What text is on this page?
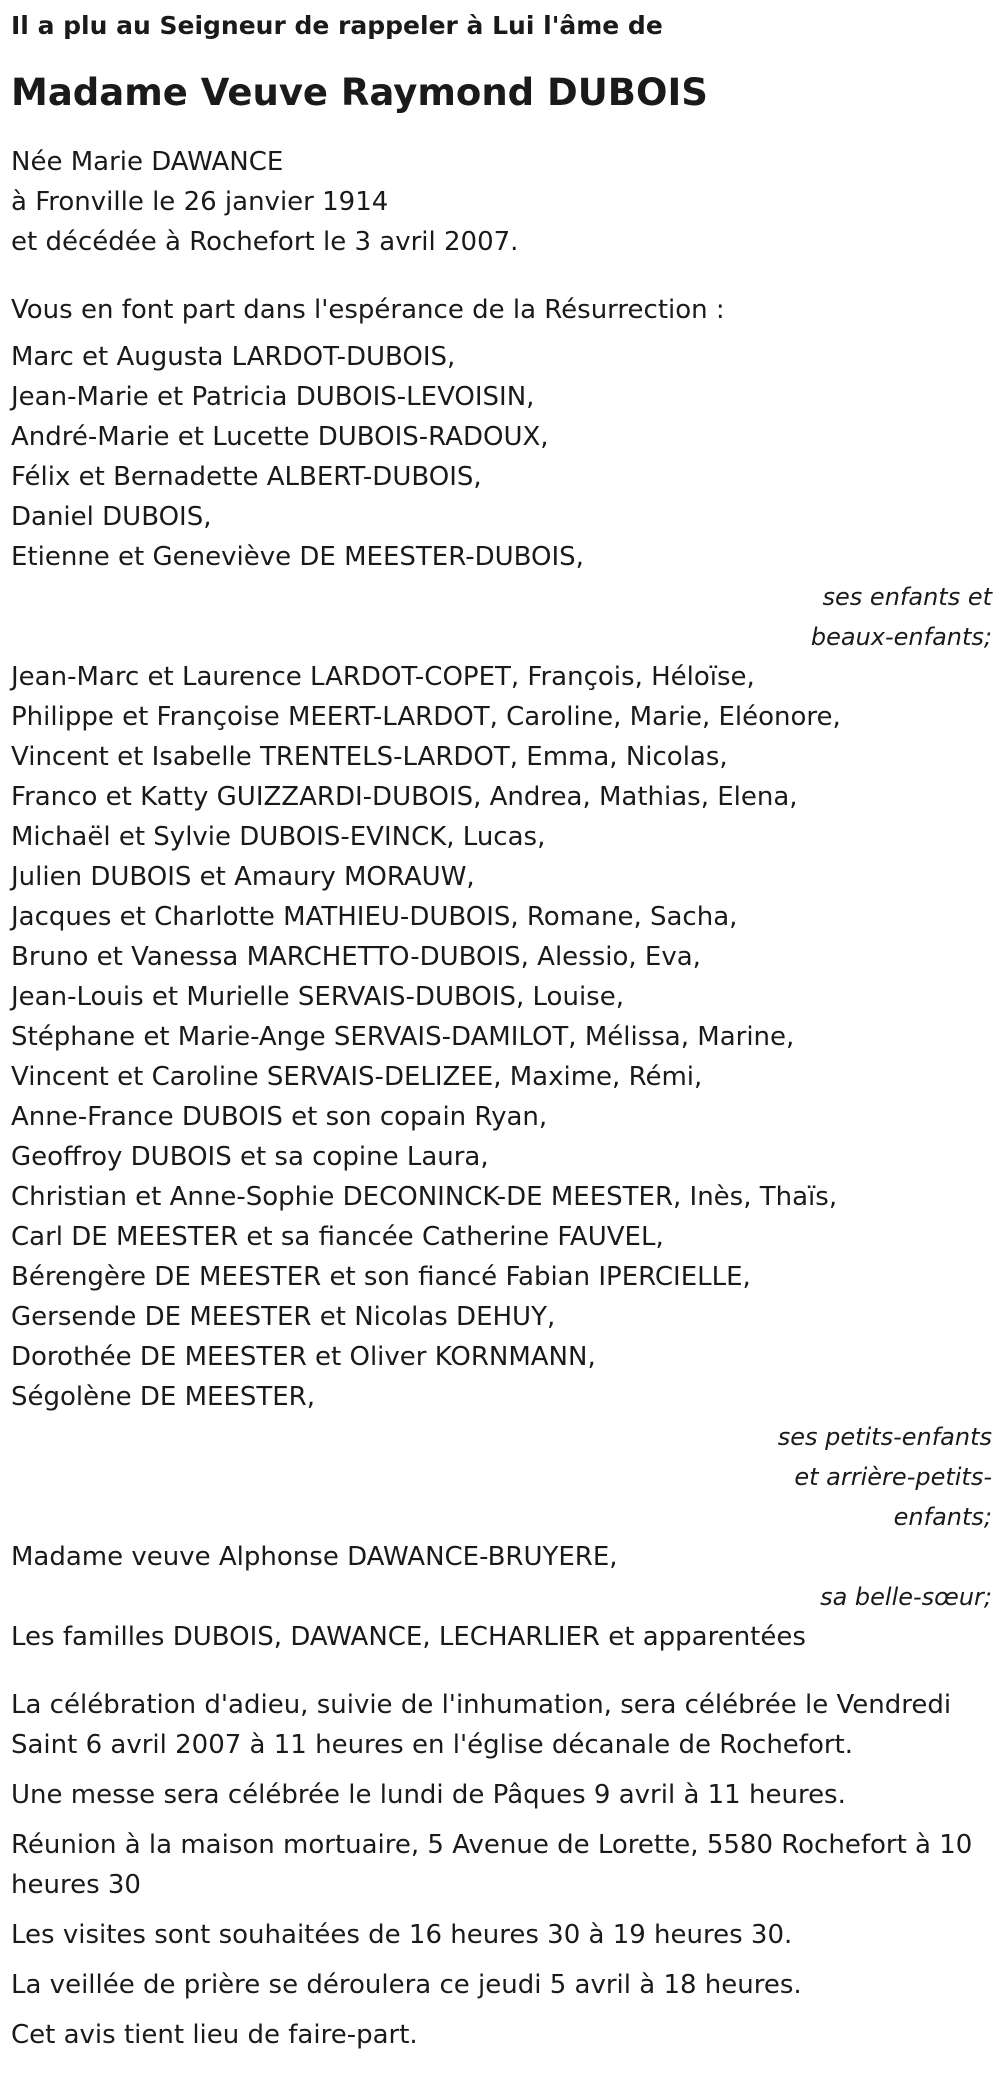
Il a plu au Seigneur de rappeler à Lui l'âme de

Madame Veuve Raymond DUBOIS
Née Marie DAWANCE
à Fronville le 26 janvier 1914
et décédée à Rochefort le 3 avril 2007.
Vous en font part dans l'espérance de la Résurrection :
Marc et Augusta LARDOT-DUBOIS,
Jean-Marie et Patricia DUBOIS-LEVOISIN,
André-Marie et Lucette DUBOIS-RADOUX,
Félix et Bernadette ALBERT-DUBOIS,
Daniel DUBOIS,
Etienne et Geneviève DE MEESTER-DUBOIS,
ses enfants et
beaux-enfants;
Jean-Marc et Laurence LARDOT-COPET, François, Héloïse,
Philippe et Françoise MEERT-LARDOT, Caroline, Marie, Eléonore,
Vincent et Isabelle TRENTELS-LARDOT, Emma, Nicolas,
Franco et Katty GUIZZARDI-DUBOIS, Andrea, Mathias, Elena,
Michaël et Sylvie DUBOIS-EVINCK, Lucas,
Julien DUBOIS et Amaury MORAUW,
Jacques et Charlotte MATHIEU-DUBOIS, Romane, Sacha,
Bruno et Vanessa MARCHETTO-DUBOIS, Alessio, Eva,
Jean-Louis et Murielle SERVAIS-DUBOIS, Louise,
Stéphane et Marie-Ange SERVAIS-DAMILOT, Mélissa, Marine,
Vincent et Caroline SERVAIS-DELIZEE, Maxime, Rémi,
Anne-France DUBOIS et son copain Ryan,
Geoffroy DUBOIS et sa copine Laura,
Christian et Anne-Sophie DECONINCK-DE MEESTER, Inès, Thaïs,
Carl DE MEESTER et sa fiancée Catherine FAUVEL,
Bérengère DE MEESTER et son fiancé Fabian IPERCIELLE,
Gersende DE MEESTER et Nicolas DEHUY,
Dorothée DE MEESTER et Oliver KORNMANN,
Ségolène DE MEESTER,
ses petits-enfants
et arrière-petits-
enfants;
Madame veuve Alphonse DAWANCE-BRUYERE,
sa belle-sœur;
Les familles DUBOIS, DAWANCE, LECHARLIER et apparentées

La célébration d'adieu, suivie de l'inhumation, sera célébrée le Vendredi Saint 6 avril 2007 à 11 heures en l'église décanale de Rochefort.

Une messe sera célébrée le lundi de Pâques 9 avril à 11 heures.

Réunion à la maison mortuaire, 5 Avenue de Lorette, 5580 Rochefort à 10 heures 30

Les visites sont souhaitées de 16 heures 30 à 19 heures 30.

La veillée de prière se déroulera ce jeudi 5 avril à 18 heures.

Cet avis tient lieu de faire-part.
